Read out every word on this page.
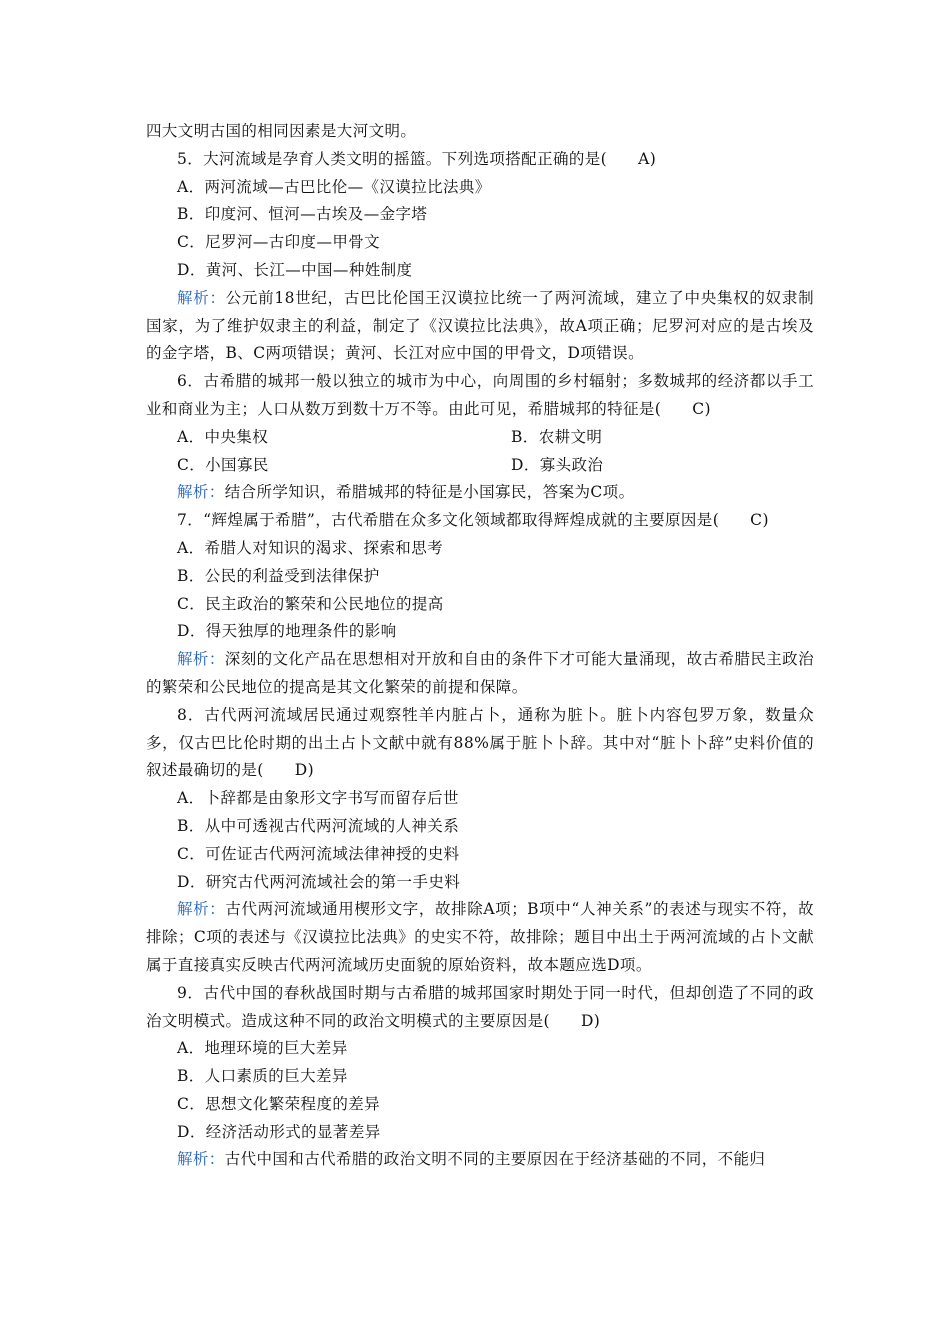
四大文明古国的相同因素是大河文明。

5．大河流域是孕育人类文明的摇篮。下列选项搭配正确的是( A)

A．两河流域—古巴比伦—《汉谟拉比法典》

B．印度河、恒河—古埃及—金字塔

C．尼罗河—古印度—甲骨文

D．黄河、长江—中国—种姓制度

解析：公元前18世纪，古巴比伦国王汉谟拉比统一了两河流域，建立了中央集权的奴隶制国家，为了维护奴隶主的利益，制定了《汉谟拉比法典》，故A项正确；尼罗河对应的是古埃及的金字塔，B、C两项错误；黄河、长江对应中国的甲骨文，D项错误。

6．古希腊的城邦一般以独立的城市为中心，向周围的乡村辐射；多数城邦的经济都以手工业和商业为主；人口从数万到数十万不等。由此可见，希腊城邦的特征是( C)

A．中央集权	B．农耕文明
C．小国寡民	D．寡头政治

解析：结合所学知识，希腊城邦的特征是小国寡民，答案为C项。

7．“辉煌属于希腊”，古代希腊在众多文化领域都取得辉煌成就的主要原因是( C)

A．希腊人对知识的渴求、探索和思考

B．公民的利益受到法律保护

C．民主政治的繁荣和公民地位的提高

D．得天独厚的地理条件的影响

解析：深刻的文化产品在思想相对开放和自由的条件下才可能大量涌现，故古希腊民主政治的繁荣和公民地位的提高是其文化繁荣的前提和保障。

8．古代两河流域居民通过观察牲羊内脏占卜，通称为脏卜。脏卜内容包罗万象，数量众多，仅古巴比伦时期的出土占卜文献中就有88%属于脏卜卜辞。其中对“脏卜卜辞”史料价值的叙述最确切的是( D)

A．卜辞都是由象形文字书写而留存后世

B．从中可透视古代两河流域的人神关系

C．可佐证古代两河流域法律神授的史料

D．研究古代两河流域社会的第一手史料

解析：古代两河流域通用楔形文字，故排除A项；B项中“人神关系”的表述与现实不符，故排除；C项的表述与《汉谟拉比法典》的史实不符，故排除；题目中出土于两河流域的占卜文献属于直接真实反映古代两河流域历史面貌的原始资料，故本题应选D项。

9．古代中国的春秋战国时期与古希腊的城邦国家时期处于同一时代，但却创造了不同的政治文明模式。造成这种不同的政治文明模式的主要原因是( D)

A．地理环境的巨大差异

B．人口素质的巨大差异

C．思想文化繁荣程度的差异

D．经济活动形式的显著差异

解析：古代中国和古代希腊的政治文明不同的主要原因在于经济基础的不同，不能归
